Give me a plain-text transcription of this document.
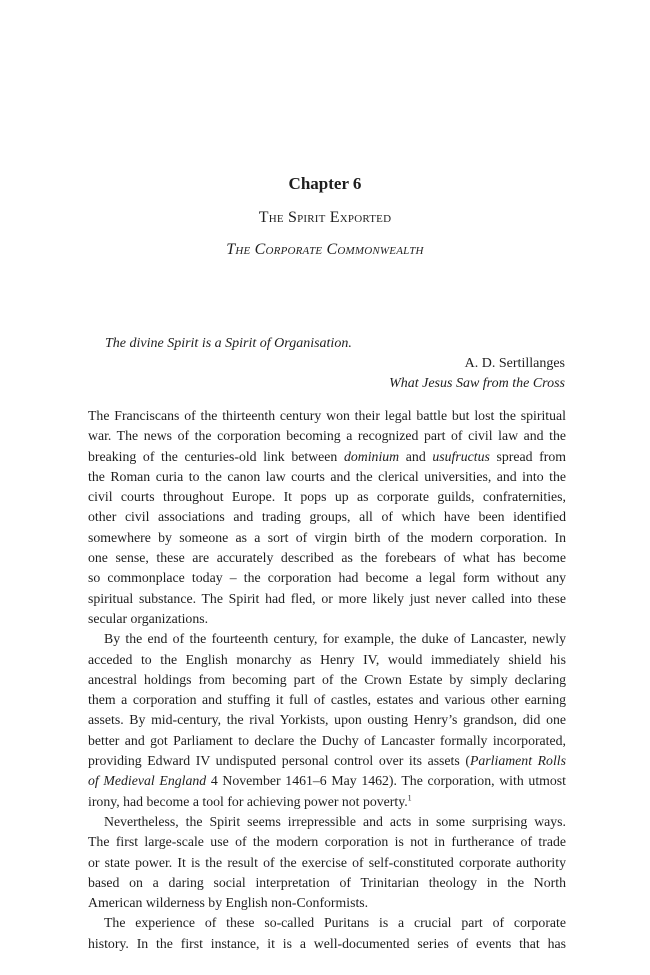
Chapter 6
The Spirit Exported
The Corporate Commonwealth
The divine Spirit is a Spirit of Organisation.
A. D. Sertillanges
What Jesus Saw from the Cross

The Franciscans of the thirteenth century won their legal battle but lost the spiritual
war. The news of the corporation becoming a recognized part of civil law and the
breaking of the centuries-old link between dominium and usufructus spread from
the Roman curia to the canon law courts and the clerical universities, and into the
civil courts throughout Europe. It pops up as corporate guilds, confraternities,
other civil associations and trading groups, all of which have been identified
somewhere by someone as a sort of virgin birth of the modern corporation. In
one sense, these are accurately described as the forebears of what has become
so commonplace today – the corporation had become a legal form without any
spiritual substance. The Spirit had fled, or more likely just never called into these
secular organizations.

By the end of the fourteenth century, for example, the duke of Lancaster, newly
acceded to the English monarchy as Henry IV, would immediately shield his
ancestral holdings from becoming part of the Crown Estate by simply declaring
them a corporation and stuffing it full of castles, estates and various other earning
assets. By mid-century, the rival Yorkists, upon ousting Henry’s grandson, did one
better and got Parliament to declare the Duchy of Lancaster formally incorporated,
providing Edward IV undisputed personal control over its assets (Parliament Rolls
of Medieval England 4 November 1461–6 May 1462). The corporation, with utmost
irony, had become a tool for achieving power not poverty.$^1$

Nevertheless, the Spirit seems irrepressible and acts in some surprising ways.
The first large-scale use of the modern corporation is not in furtherance of trade
or state power. It is the result of the exercise of self-constituted corporate authority
based on a daring social interpretation of Trinitarian theology in the North
American wilderness by English non-Conformists.

The experience of these so-called Puritans is a crucial part of corporate
history. In the first instance, it is a well-documented series of events that has
